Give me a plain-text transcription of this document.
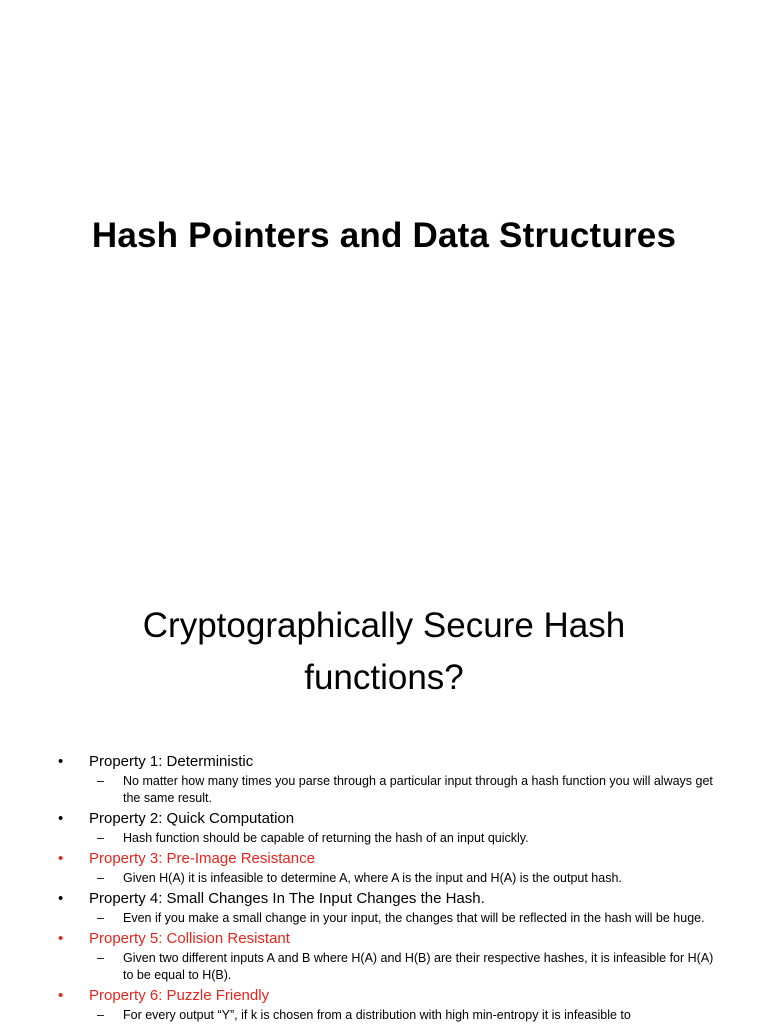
Hash Pointers and Data Structures
Cryptographically Secure Hash
functions?
• Property 1: Deterministic
– No matter how many times you parse through a particular input through a hash function you will always get the same result.
• Property 2: Quick Computation
– Hash function should be capable of returning the hash of an input quickly.
• Property 3: Pre-Image Resistance
– Given H(A) it is infeasible to determine A, where A is the input and H(A) is the output hash.
• Property 4: Small Changes In The Input Changes the Hash.
– Even if you make a small change in your input, the changes that will be reflected in the hash will be huge.
• Property 5: Collision Resistant
– Given two different inputs A and B where H(A) and H(B) are their respective hashes, it is infeasible for H(A) to be equal to H(B).
• Property 6: Puzzle Friendly
– For every output “Y”, if k is chosen from a distribution with high min-entropy it is infeasible to
